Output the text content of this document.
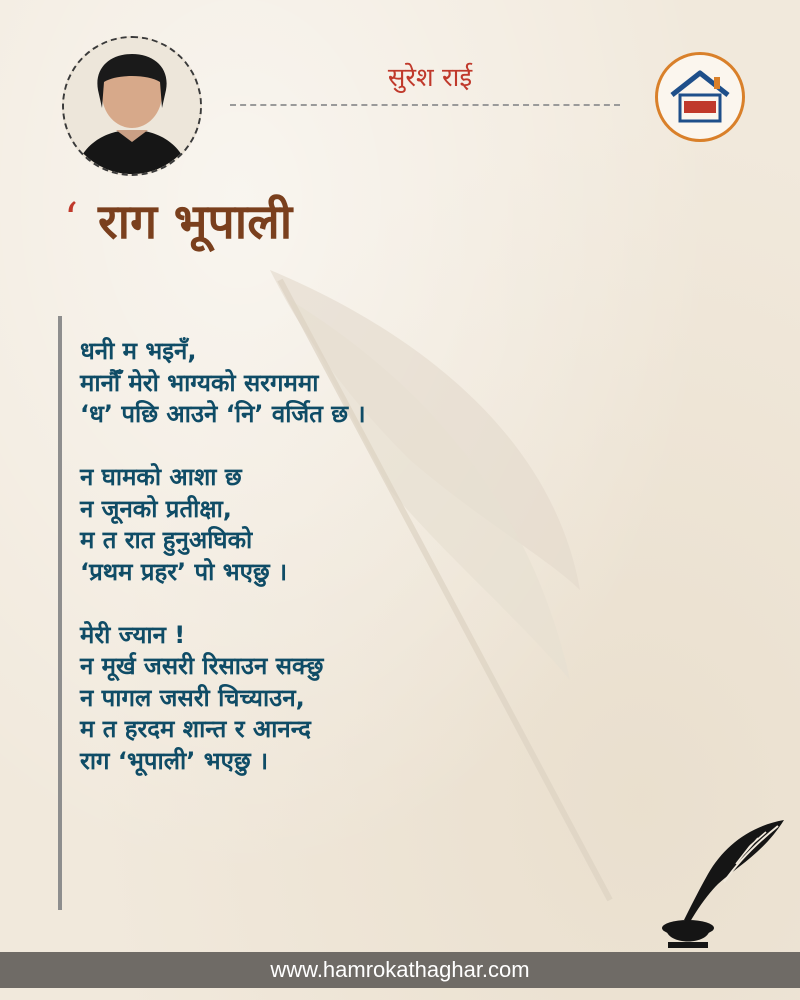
सुरेश राई
‘ राग भूपाली
धनी म भइनँ,
मानौँ मेरो भाग्यको सरगममा
‘ध’ पछि आउने ‘नि’ वर्जित छ ।
न घामको आशा छ
न जूनको प्रतीक्षा,
म त रात हुनुअघिको
‘प्रथम प्रहर’ पो भएछु ।
मेरी ज्यान !
न मूर्ख जसरी रिसाउन सक्छु
न पागल जसरी चिच्याउन,
म त हरदम शान्त र आनन्द
राग ‘भूपाली’ भएछु ।
www.hamrokathaghar.com
